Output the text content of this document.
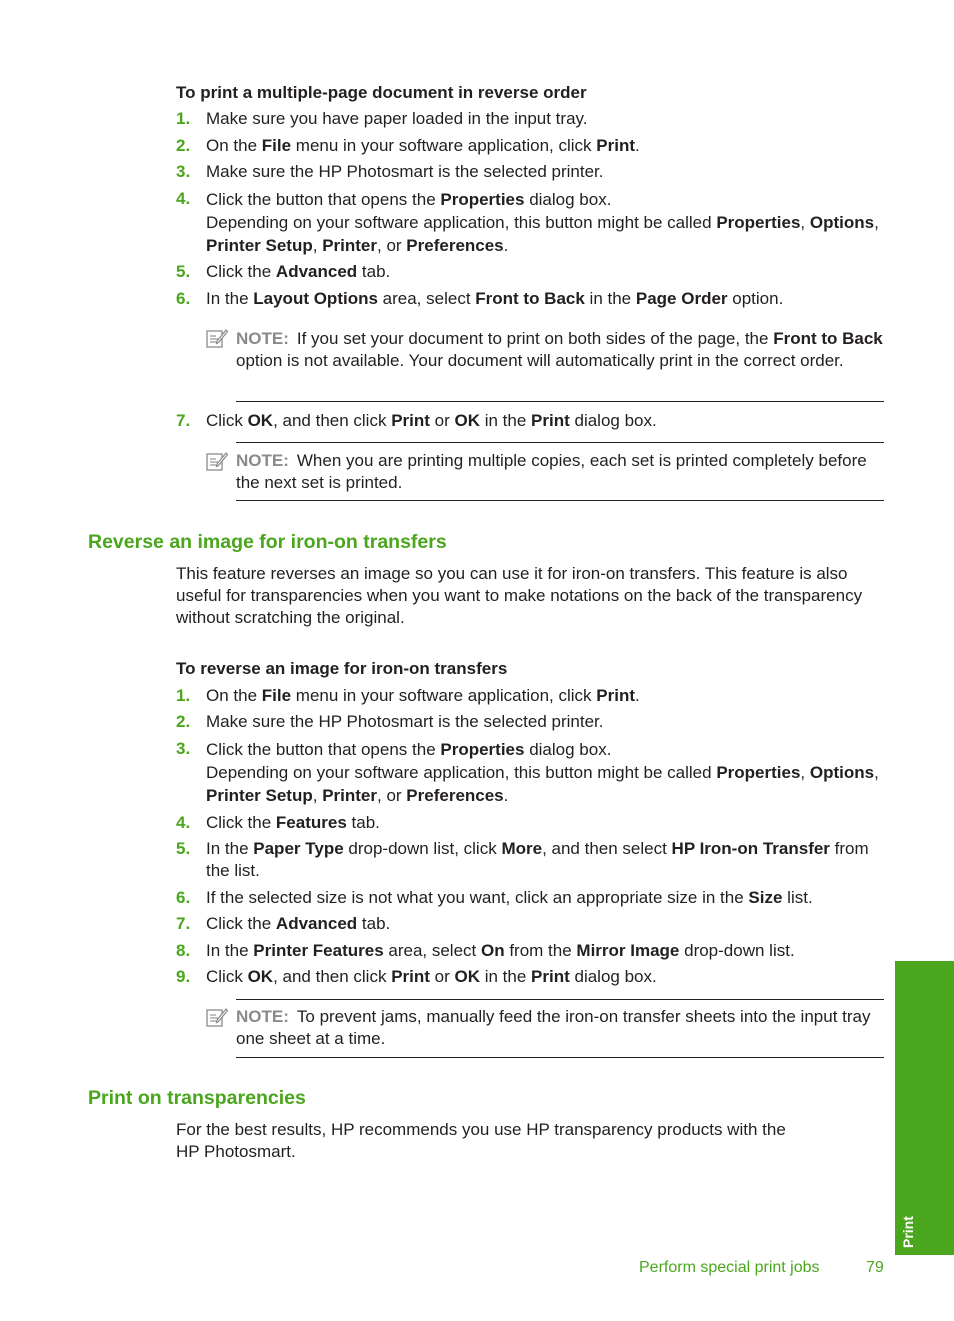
To print a multiple-page document in reverse order
1. Make sure you have paper loaded in the input tray.
2. On the File menu in your software application, click Print.
3. Make sure the HP Photosmart is the selected printer.
4. Click the button that opens the Properties dialog box.
Depending on your software application, this button might be called Properties, Options, Printer Setup, Printer, or Preferences.
5. Click the Advanced tab.
6. In the Layout Options area, select Front to Back in the Page Order option.
NOTE: If you set your document to print on both sides of the page, the Front to Back option is not available. Your document will automatically print in the correct order.
7. Click OK, and then click Print or OK in the Print dialog box.
NOTE: When you are printing multiple copies, each set is printed completely before the next set is printed.
Reverse an image for iron-on transfers
This feature reverses an image so you can use it for iron-on transfers. This feature is also useful for transparencies when you want to make notations on the back of the transparency without scratching the original.
To reverse an image for iron-on transfers
1. On the File menu in your software application, click Print.
2. Make sure the HP Photosmart is the selected printer.
3. Click the button that opens the Properties dialog box.
Depending on your software application, this button might be called Properties, Options, Printer Setup, Printer, or Preferences.
4. Click the Features tab.
5. In the Paper Type drop-down list, click More, and then select HP Iron-on Transfer from the list.
6. If the selected size is not what you want, click an appropriate size in the Size list.
7. Click the Advanced tab.
8. In the Printer Features area, select On from the Mirror Image drop-down list.
9. Click OK, and then click Print or OK in the Print dialog box.
NOTE: To prevent jams, manually feed the iron-on transfer sheets into the input tray one sheet at a time.
Print on transparencies
For the best results, HP recommends you use HP transparency products with the
HP Photosmart.
Print
Perform special print jobs	79
